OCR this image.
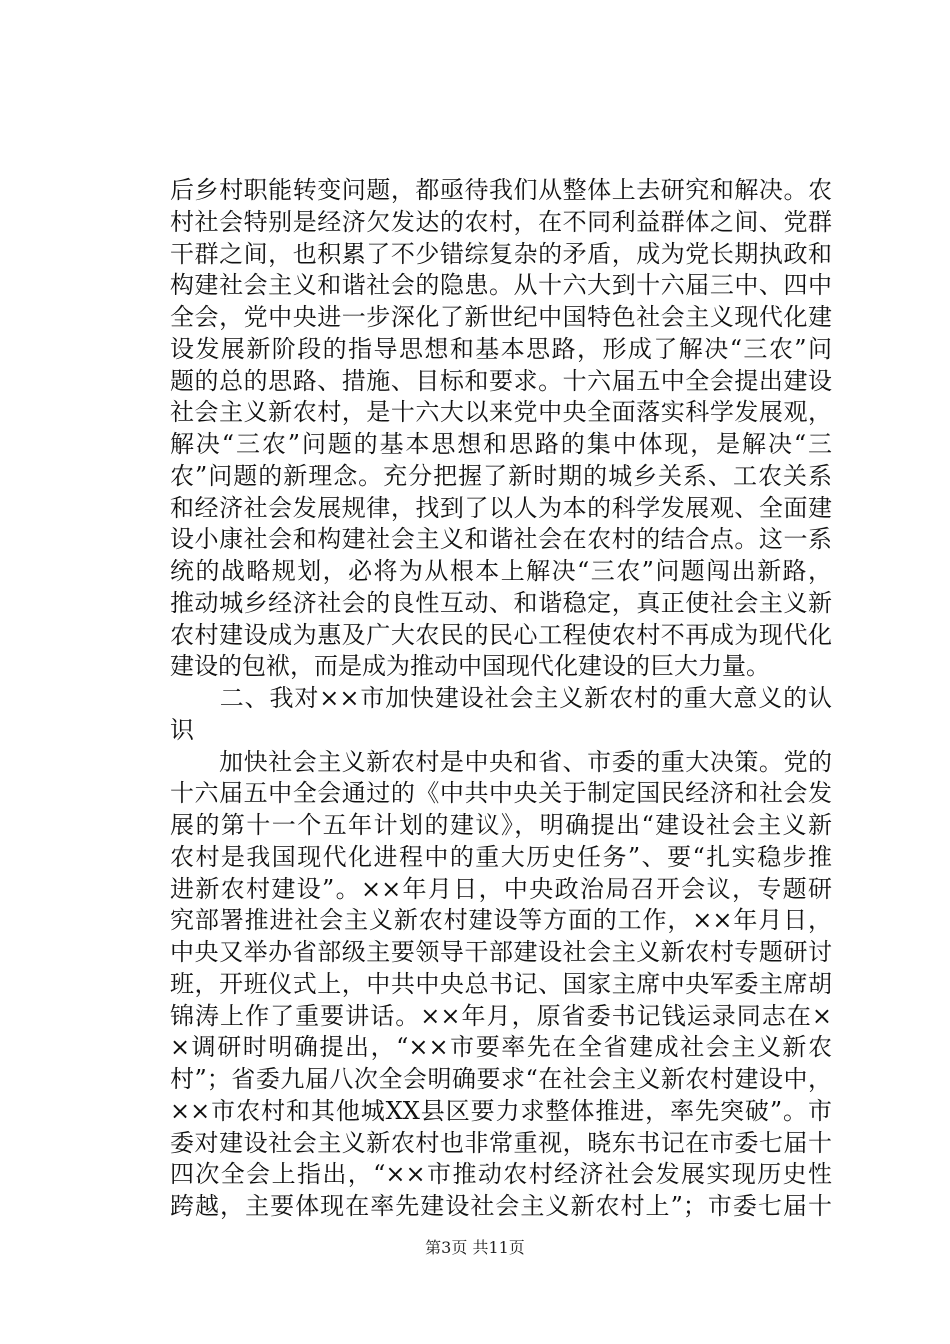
后乡村职能转变问题，都亟待我们从整体上去研究和解决。农
村社会特别是经济欠发达的农村，在不同利益群体之间、党群
干群之间，也积累了不少错综复杂的矛盾，成为党长期执政和
构建社会主义和谐社会的隐患。从十六大到十六届三中、四中
全会，党中央进一步深化了新世纪中国特色社会主义现代化建
设发展新阶段的指导思想和基本思路，形成了解决“三农”问
题的总的思路、措施、目标和要求。十六届五中全会提出建设
社会主义新农村，是十六大以来党中央全面落实科学发展观，
解决“三农”问题的基本思想和思路的集中体现，是解决“三
农”问题的新理念。充分把握了新时期的城乡关系、工农关系
和经济社会发展规律，找到了以人为本的科学发展观、全面建
设小康社会和构建社会主义和谐社会在农村的结合点。这一系
统的战略规划，必将为从根本上解决“三农”问题闯出新路，
推动城乡经济社会的良性互动、和谐稳定，真正使社会主义新
农村建设成为惠及广大农民的民心工程使农村不再成为现代化
建设的包袱，而是成为推动中国现代化建设的巨大力量。
　　二、我对××市加快建设社会主义新农村的重大意义的认
识
　　加快社会主义新农村是中央和省、市委的重大决策。党的
十六届五中全会通过的《中共中央关于制定国民经济和社会发
展的第十一个五年计划的建议》，明确提出“建设社会主义新
农村是我国现代化进程中的重大历史任务”、要“扎实稳步推
进新农村建设”。××年月日，中央政治局召开会议，专题研
究部署推进社会主义新农村建设等方面的工作，××年月日，
中央又举办省部级主要领导干部建设社会主义新农村专题研讨
班，开班仪式上，中共中央总书记、国家主席中央军委主席胡
锦涛上作了重要讲话。××年月，原省委书记钱运录同志在×
×调研时明确提出，“××市要率先在全省建成社会主义新农
村”；省委九届八次全会明确要求“在社会主义新农村建设中，
××市农村和其他城XX县区要力求整体推进，率先突破”。市
委对建设社会主义新农村也非常重视，晓东书记在市委七届十
四次全会上指出，“××市推动农村经济社会发展实现历史性
跨越，主要体现在率先建设社会主义新农村上”；市委七届十
第3页 共11页
